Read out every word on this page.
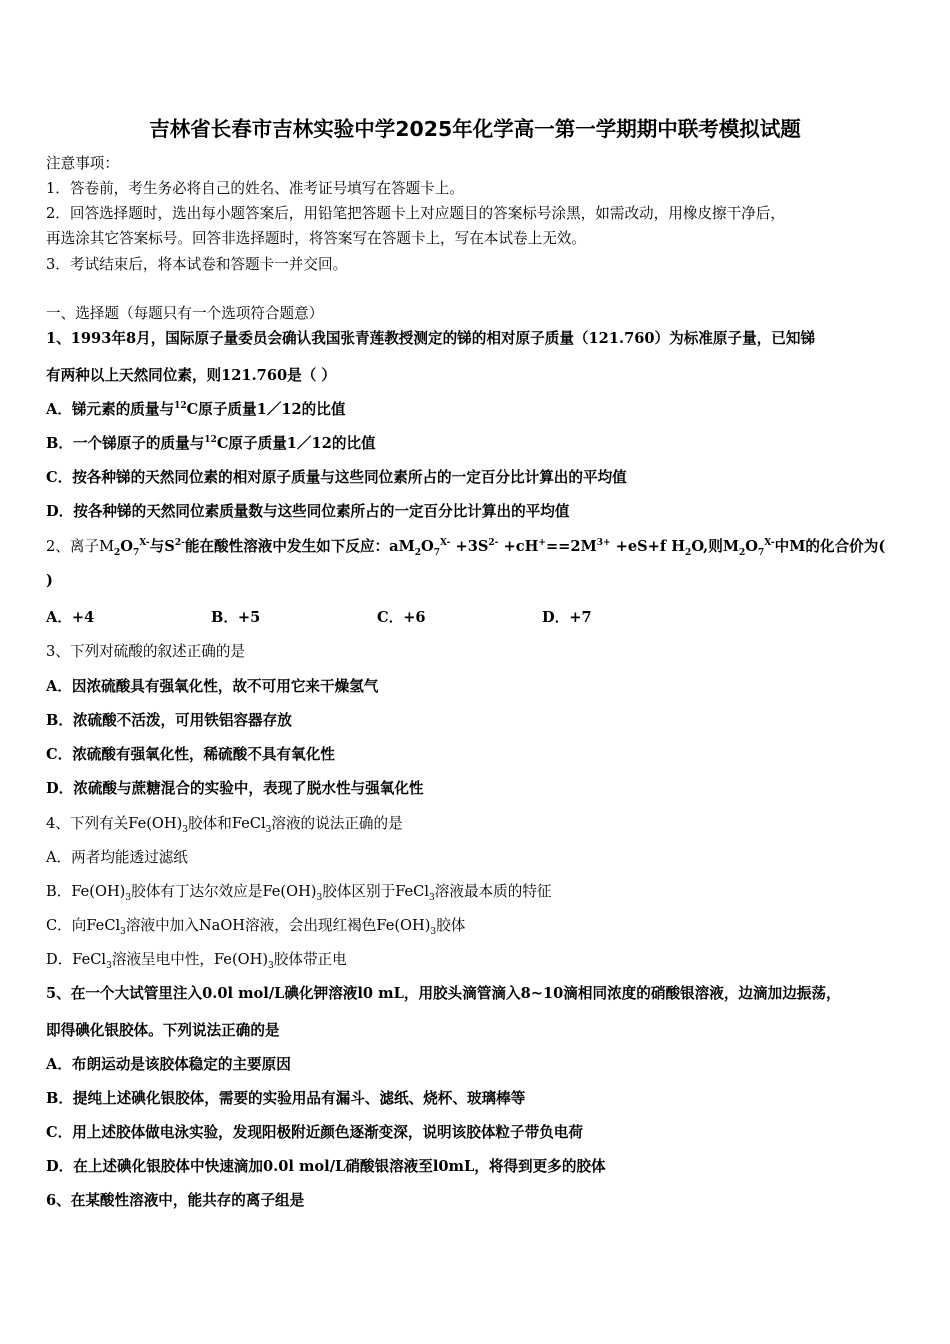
吉林省长春市吉林实验中学2025年化学高一第一学期期中联考模拟试题
注意事项：
1．答卷前，考生务必将自己的姓名、准考证号填写在答题卡上。
2．回答选择题时，选出每小题答案后，用铅笔把答题卡上对应题目的答案标号涂黑，如需改动，用橡皮擦干净后，
再选涂其它答案标号。回答非选择题时，将答案写在答题卡上，写在本试卷上无效。
3．考试结束后，将本试卷和答题卡一并交回。
一、选择题（每题只有一个选项符合题意）
1、1993年8月，国际原子量委员会确认我国张青莲教授测定的锑的相对原子质量（121.760）为标准原子量，已知锑
有两种以上天然同位素，则121.760是（ ）
A．锑元素的质量与$^{12}$C原子质量1／12的比值
B．一个锑原子的质量与$^{12}$C原子质量1／12的比值
C．按各种锑的天然同位素的相对原子质量与这些同位素所占的一定百分比计算出的平均值
D．按各种锑的天然同位素质量数与这些同位素所占的一定百分比计算出的平均值
2、离子$M_2O_7^{X-}$与$S^{2-}$能在酸性溶液中发生如下反应：$aM_2O_7^{X-} +3S^{2-} +cH^+==2M^{3+} +eS+f$ $H_2O$,则$M_2O_7^{X-}$中M的化合价为(
)
A．+4	B．+5	C．+6	D．+7
3、下列对硫酸的叙述正确的是
A．因浓硫酸具有强氧化性，故不可用它来干燥氢气
B．浓硫酸不活泼，可用铁铝容器存放
C．浓硫酸有强氧化性，稀硫酸不具有氧化性
D．浓硫酸与蔗糖混合的实验中，表现了脱水性与强氧化性
4、下列有关$Fe(OH)_3$胶体和FeCl$_3$溶液的说法正确的是
A．两者均能透过滤纸
B．$Fe(OH)_3$胶体有丁达尔效应是$Fe(OH)_3$胶体区别于FeCl$_3$溶液最本质的特征
C．向FeCl$_3$溶液中加入NaOH溶液，会出现红褐色$Fe(OH)_3$胶体
D．FeCl$_3$溶液呈电中性，$Fe(OH)_3$胶体带正电
5、在一个大试管里注入0.0l mol/L碘化钾溶液l0 mL，用胶头滴管滴入8~10滴相同浓度的硝酸银溶液，边滴加边振荡，
即得碘化银胶体。下列说法正确的是
A．布朗运动是该胶体稳定的主要原因
B．提纯上述碘化银胶体，需要的实验用品有漏斗、滤纸、烧杯、玻璃棒等
C．用上述胶体做电泳实验，发现阳极附近颜色逐渐变深，说明该胶体粒子带负电荷
D．在上述碘化银胶体中快速滴加0.0l mol/L硝酸银溶液至l0mL，将得到更多的胶体
6、在某酸性溶液中，能共存的离子组是
